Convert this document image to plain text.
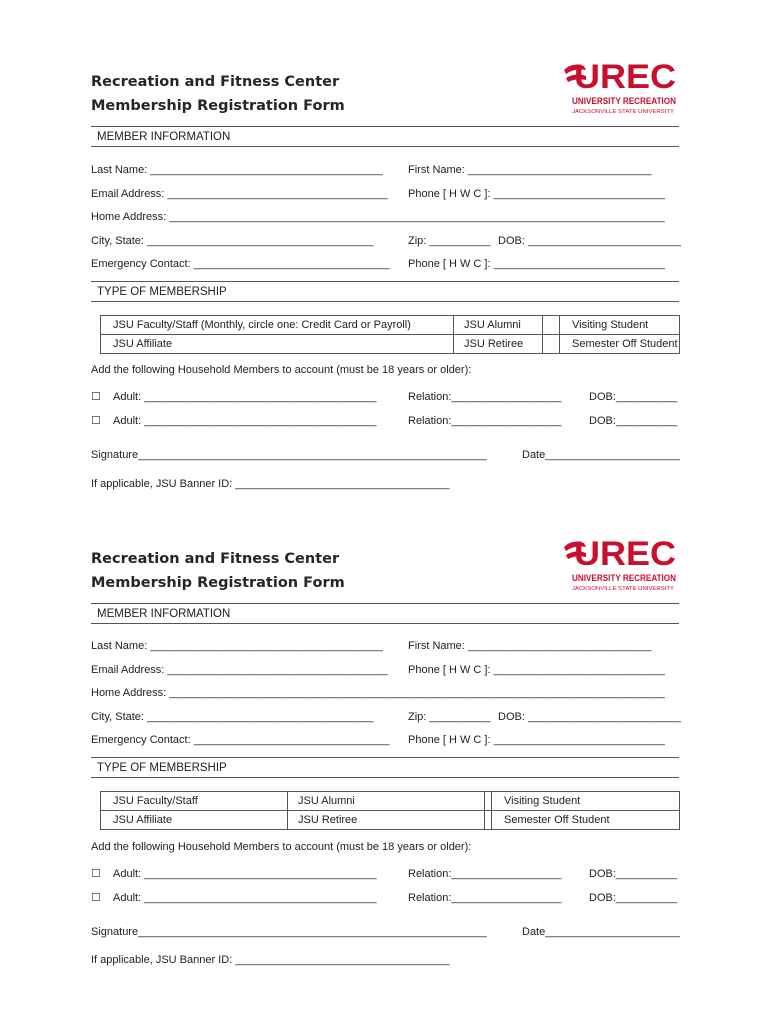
Recreation and Fitness Center
Membership Registration Form
UREC
UNIVERSITY RECREATION
JACKSONVILLE STATE UNIVERSITY
MEMBER INFORMATION
Last Name: ______________________________________ First Name: ______________________________
Email Address: ____________________________________ Phone [ H W C ]: ____________________________
Home Address: _________________________________________________________________________________
City, State: _____________________________________	Zip: __________ DOB: _________________________
Emergency Contact: ________________________________ Phone [ H W C ]: ____________________________
TYPE OF MEMBERSHIP
JSU Faculty/Staff (Monthly, circle one: Credit Card or Payroll)	JSU Alumni		Visiting Student
JSU Affiliate	JSU Retiree		Semester Off Student
Add the following Household Members to account (must be 18 years or older):
☐ Adult: ______________________________________	Relation:__________________ DOB:__________
☐ Adult: ______________________________________	Relation:__________________ DOB:__________
Signature_________________________________________________________	Date______________________
If applicable, JSU Banner ID: ___________________________________
Recreation and Fitness Center
Membership Registration Form
UREC
UNIVERSITY RECREATION
JACKSONVILLE STATE UNIVERSITY
MEMBER INFORMATION
Last Name: ______________________________________ First Name: ______________________________
Email Address: ____________________________________ Phone [ H W C ]: ____________________________
Home Address: _________________________________________________________________________________
City, State: _____________________________________	Zip: __________ DOB: _________________________
Emergency Contact: ________________________________ Phone [ H W C ]: ____________________________
TYPE OF MEMBERSHIP
JSU Faculty/Staff	JSU Alumni		Visiting Student
JSU Affiliate	JSU Retiree		Semester Off Student
Add the following Household Members to account (must be 18 years or older):
☐ Adult: ______________________________________	Relation:__________________ DOB:__________
☐ Adult: ______________________________________	Relation:__________________ DOB:__________
Signature_________________________________________________________	Date______________________
If applicable, JSU Banner ID: ___________________________________
